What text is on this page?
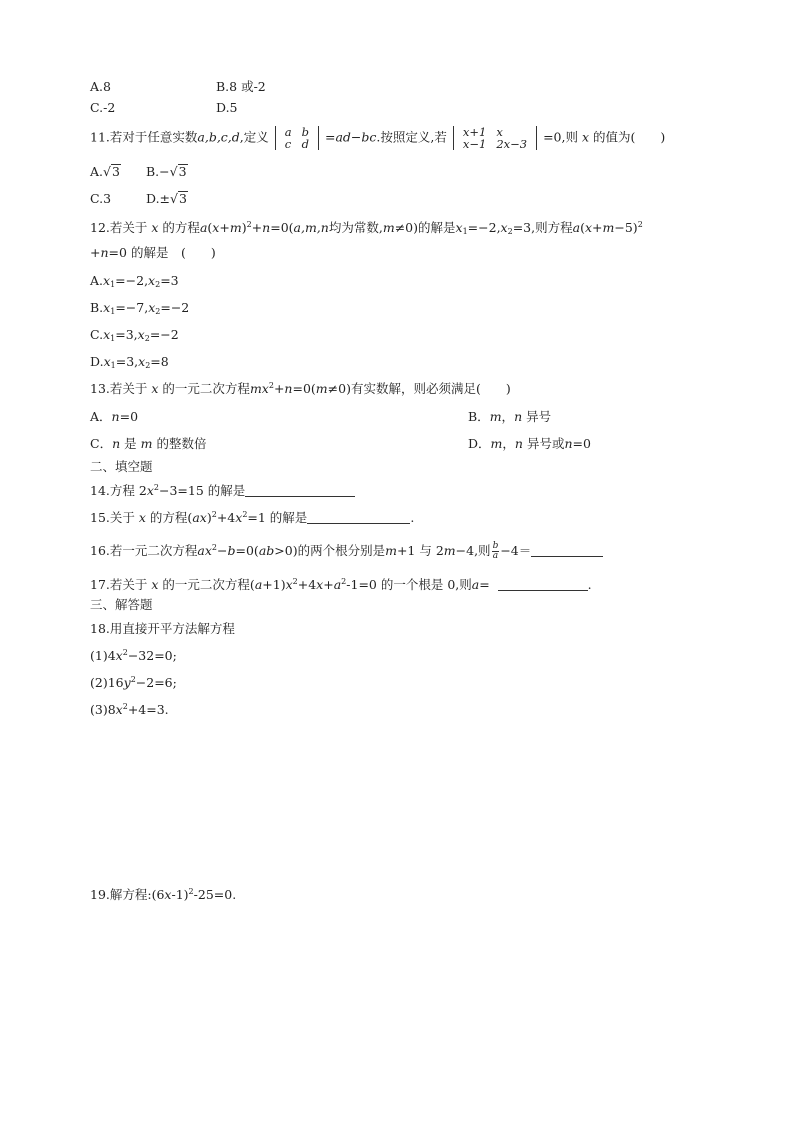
A.8	B.8 或-2
C.-2	D.5
11.若对于任意实数a,b,c,d,定义 a	b
c	d =ad−bc.按照定义,若 x+1	x
x−1	2x−3 =0,则 x 的值为(　　)
A.√3 B.−√3
C.3	D.±√3
12.若关于 x 的方程$a(x+m)^2+n=0(a,m,n$均为常数,m≠0)的解是$x_1=-2,x_2=3$,则方程$a(x+m-5)^2$
+n=0 的解是　(　　)
$A.x_1=-2,x_2=3$
$B.x_1=-7,x_2=-2$
$C.x_1=3,x_2=-2$
$D.x_1=3,x_2=8$
13.若关于 x 的一元二次方程$mx^2+n=0(m\ne 0)$有实数解，则必须满足(　　)
A．n=0	B．m，n 异号
C．n 是 m 的整数倍	D．m，n 异号或n=0
二、填空题
14.方程 $2x^2-3=15$ 的解是
15.关于 x 的方程$(ax)^2+4x^2=1$ 的解是	.
16.若一元二次方程$ax^2-b=0(ab>0)$的两个根分别是m+1 与 2m−4,则 $\frac{b}{a} -4=$
17.若关于 x 的一元二次方程$(a+1)x^2+4x+a^2-1=0$ 的一个根是 0,则a=	.
三、解答题
18.用直接开平方法解方程
$(1)4x^2-32=0$;
$(2)16y^2-2=6$;
$(3)8x^2+4=3$.
19.解方程$:(6x-1)^2-25=0$.
